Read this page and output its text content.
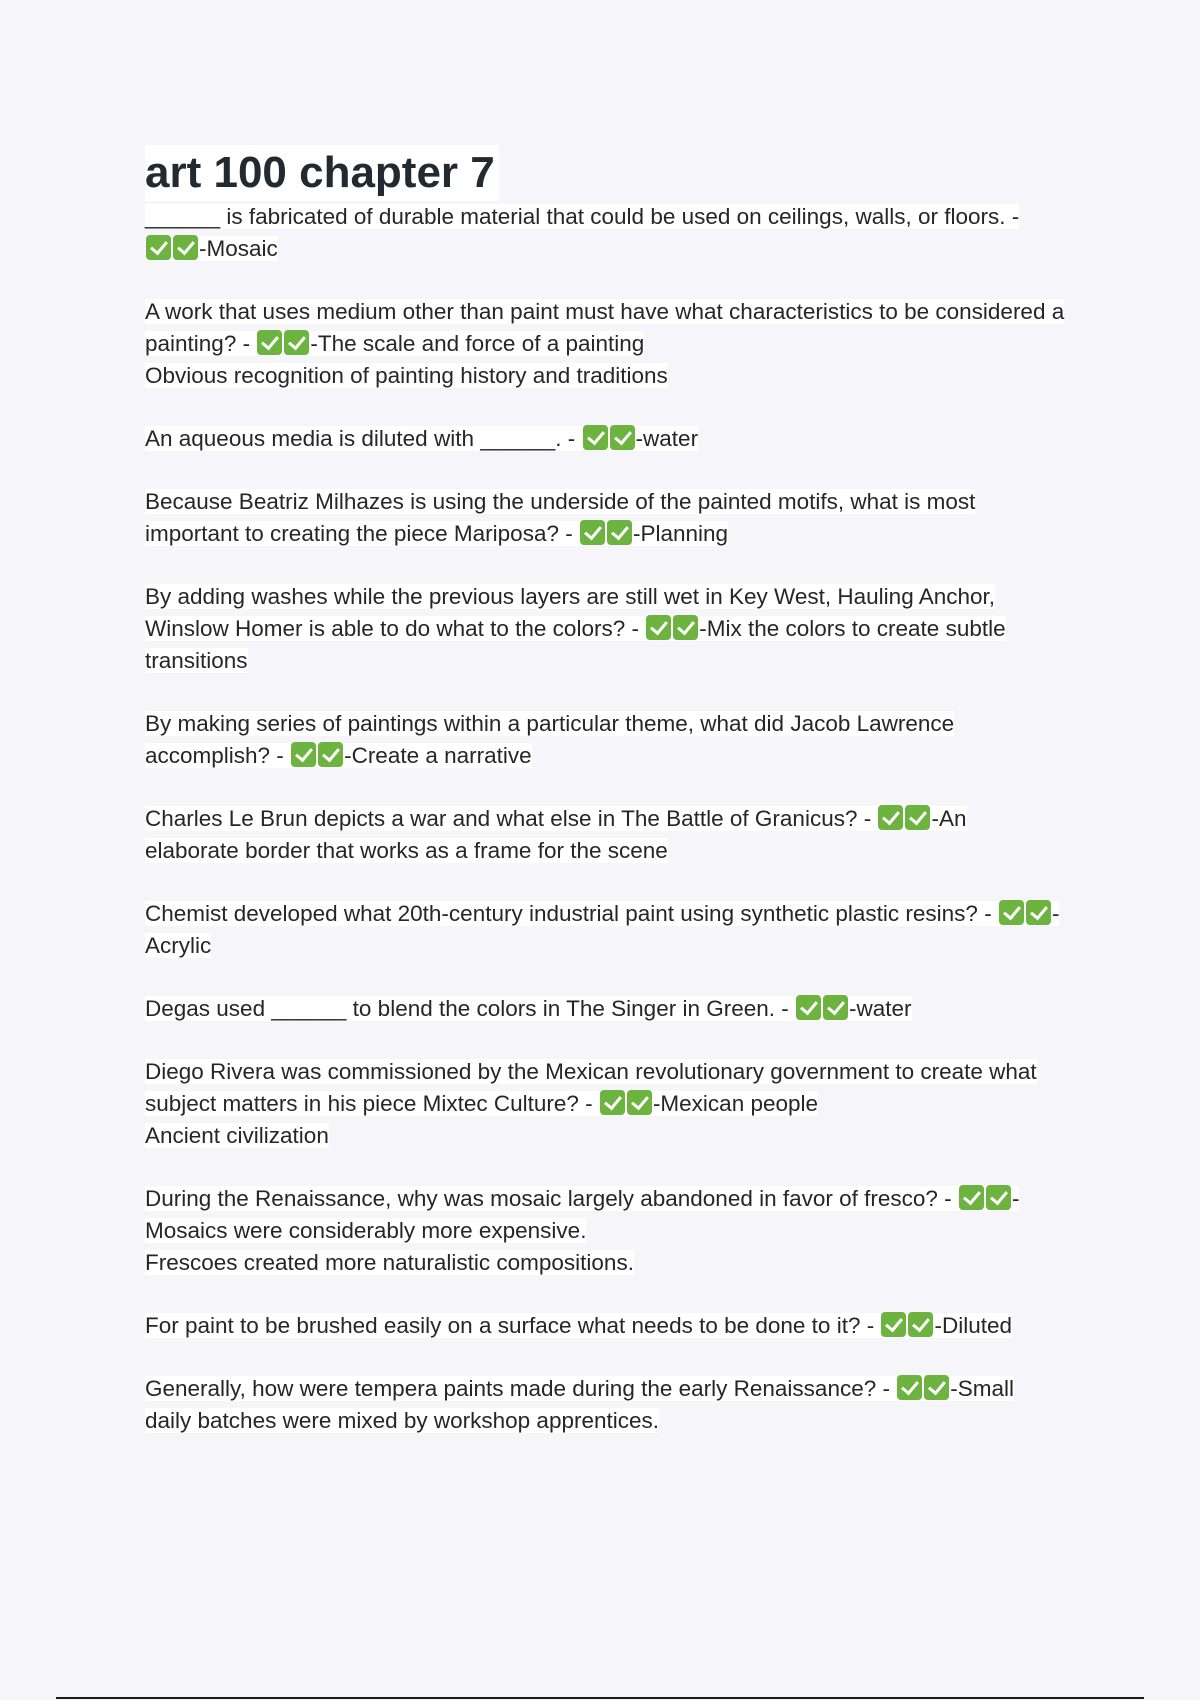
art 100 chapter 7

______ is fabricated of durable material that could be used on ceilings, walls, or floors. - -Mosaic

A work that uses medium other than paint must have what characteristics to be considered a painting? -	-The scale and force of a painting
Obvious recognition of painting history and traditions

An aqueous media is diluted with ______. -	-water

Because Beatriz Milhazes is using the underside of the painted motifs, what is most important to creating the piece Mariposa? -	-Planning

By adding washes while the previous layers are still wet in Key West, Hauling Anchor, Winslow Homer is able to do what to the colors? -	-Mix the colors to create subtle transitions

By making series of paintings within a particular theme, what did Jacob Lawrence accomplish? -	-Create a narrative

Charles Le Brun depicts a war and what else in The Battle of Granicus? -	-An elaborate border that works as a frame for the scene

Chemist developed what 20th-century industrial paint using synthetic plastic resins? -	-Acrylic

Degas used ______ to blend the colors in The Singer in Green. -	-water

Diego Rivera was commissioned by the Mexican revolutionary government to create what subject matters in his piece Mixtec Culture? -	-Mexican people
Ancient civilization

During the Renaissance, why was mosaic largely abandoned in favor of fresco? -	-Mosaics were considerably more expensive.
Frescoes created more naturalistic compositions.

For paint to be brushed easily on a surface what needs to be done to it? -	-Diluted

Generally, how were tempera paints made during the early Renaissance? -	-Small daily batches were mixed by workshop apprentices.
